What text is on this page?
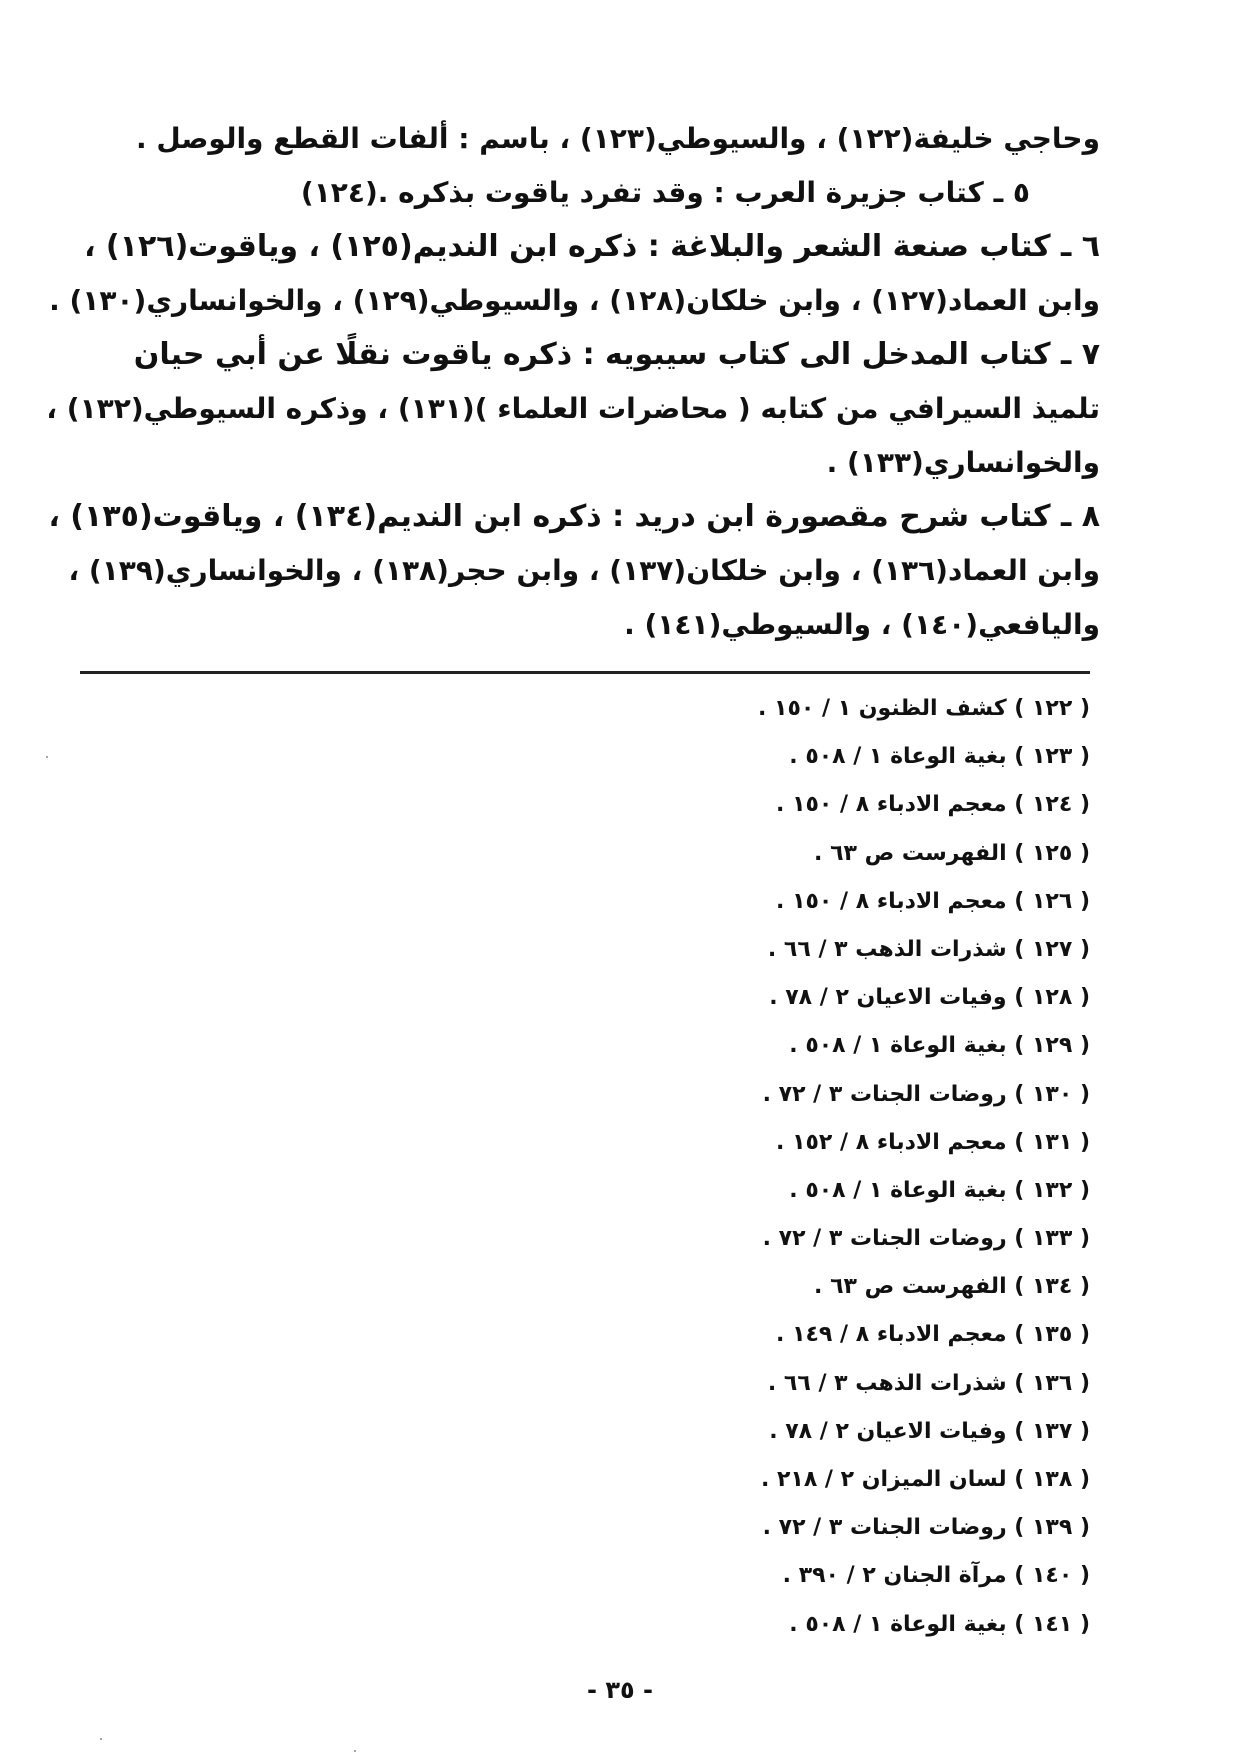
وحاجي خليفة(١٢٢) ، والسيوطي(١٢٣) ، باسم : ألفات القطع والوصل .
٥ ـ كتاب جزيرة العرب : وقد تفرد ياقوت بذكره .(١٢٤)
٦ ـ كتاب صنعة الشعر والبلاغة : ذكره ابن النديم(١٢٥) ، وياقوت(١٢٦) ،
وابن العماد(١٢٧) ، وابن خلكان(١٢٨) ، والسيوطي(١٢٩) ، والخوانساري(١٣٠) .
٧ ـ كتاب المدخل الى كتاب سيبويه : ذكره ياقوت نقلًا عن أبي حيان
تلميذ السيرافي من كتابه ( محاضرات العلماء )(١٣١) ، وذكره السيوطي(١٣٢) ،
والخوانساري(١٣٣) .
٨ ـ كتاب شرح مقصورة ابن دريد : ذكره ابن النديم(١٣٤) ، وياقوت(١٣٥) ،
وابن العماد(١٣٦) ، وابن خلكان(١٣٧) ، وابن حجر(١٣٨) ، والخوانساري(١٣٩) ،
واليافعي(١٤٠) ، والسيوطي(١٤١) .
( ١٢٢ ) كشف الظنون ١ / ١٥٠ .
( ١٢٣ ) بغية الوعاة ١ / ٥٠٨ .
( ١٢٤ ) معجم الادباء ٨ / ١٥٠ .
( ١٢٥ ) الفهرست ص ٦٣ .
( ١٢٦ ) معجم الادباء ٨ / ١٥٠ .
( ١٢٧ ) شذرات الذهب ٣ / ٦٦ .
( ١٢٨ ) وفيات الاعيان ٢ / ٧٨ .
( ١٢٩ ) بغية الوعاة ١ / ٥٠٨ .
( ١٣٠ ) روضات الجنات ٣ / ٧٢ .
( ١٣١ ) معجم الادباء ٨ / ١٥٢ .
( ١٣٢ ) بغية الوعاة ١ / ٥٠٨ .
( ١٣٣ ) روضات الجنات ٣ / ٧٢ .
( ١٣٤ ) الفهرست ص ٦٣ .
( ١٣٥ ) معجم الادباء ٨ / ١٤٩ .
( ١٣٦ ) شذرات الذهب ٣ / ٦٦ .
( ١٣٧ ) وفيات الاعيان ٢ / ٧٨ .
( ١٣٨ ) لسان الميزان ٢ / ٢١٨ .
( ١٣٩ ) روضات الجنات ٣ / ٧٢ .
( ١٤٠ ) مرآة الجنان ٢ / ٣٩٠ .
( ١٤١ ) بغية الوعاة ١ / ٥٠٨ .
- ٣٥ -
